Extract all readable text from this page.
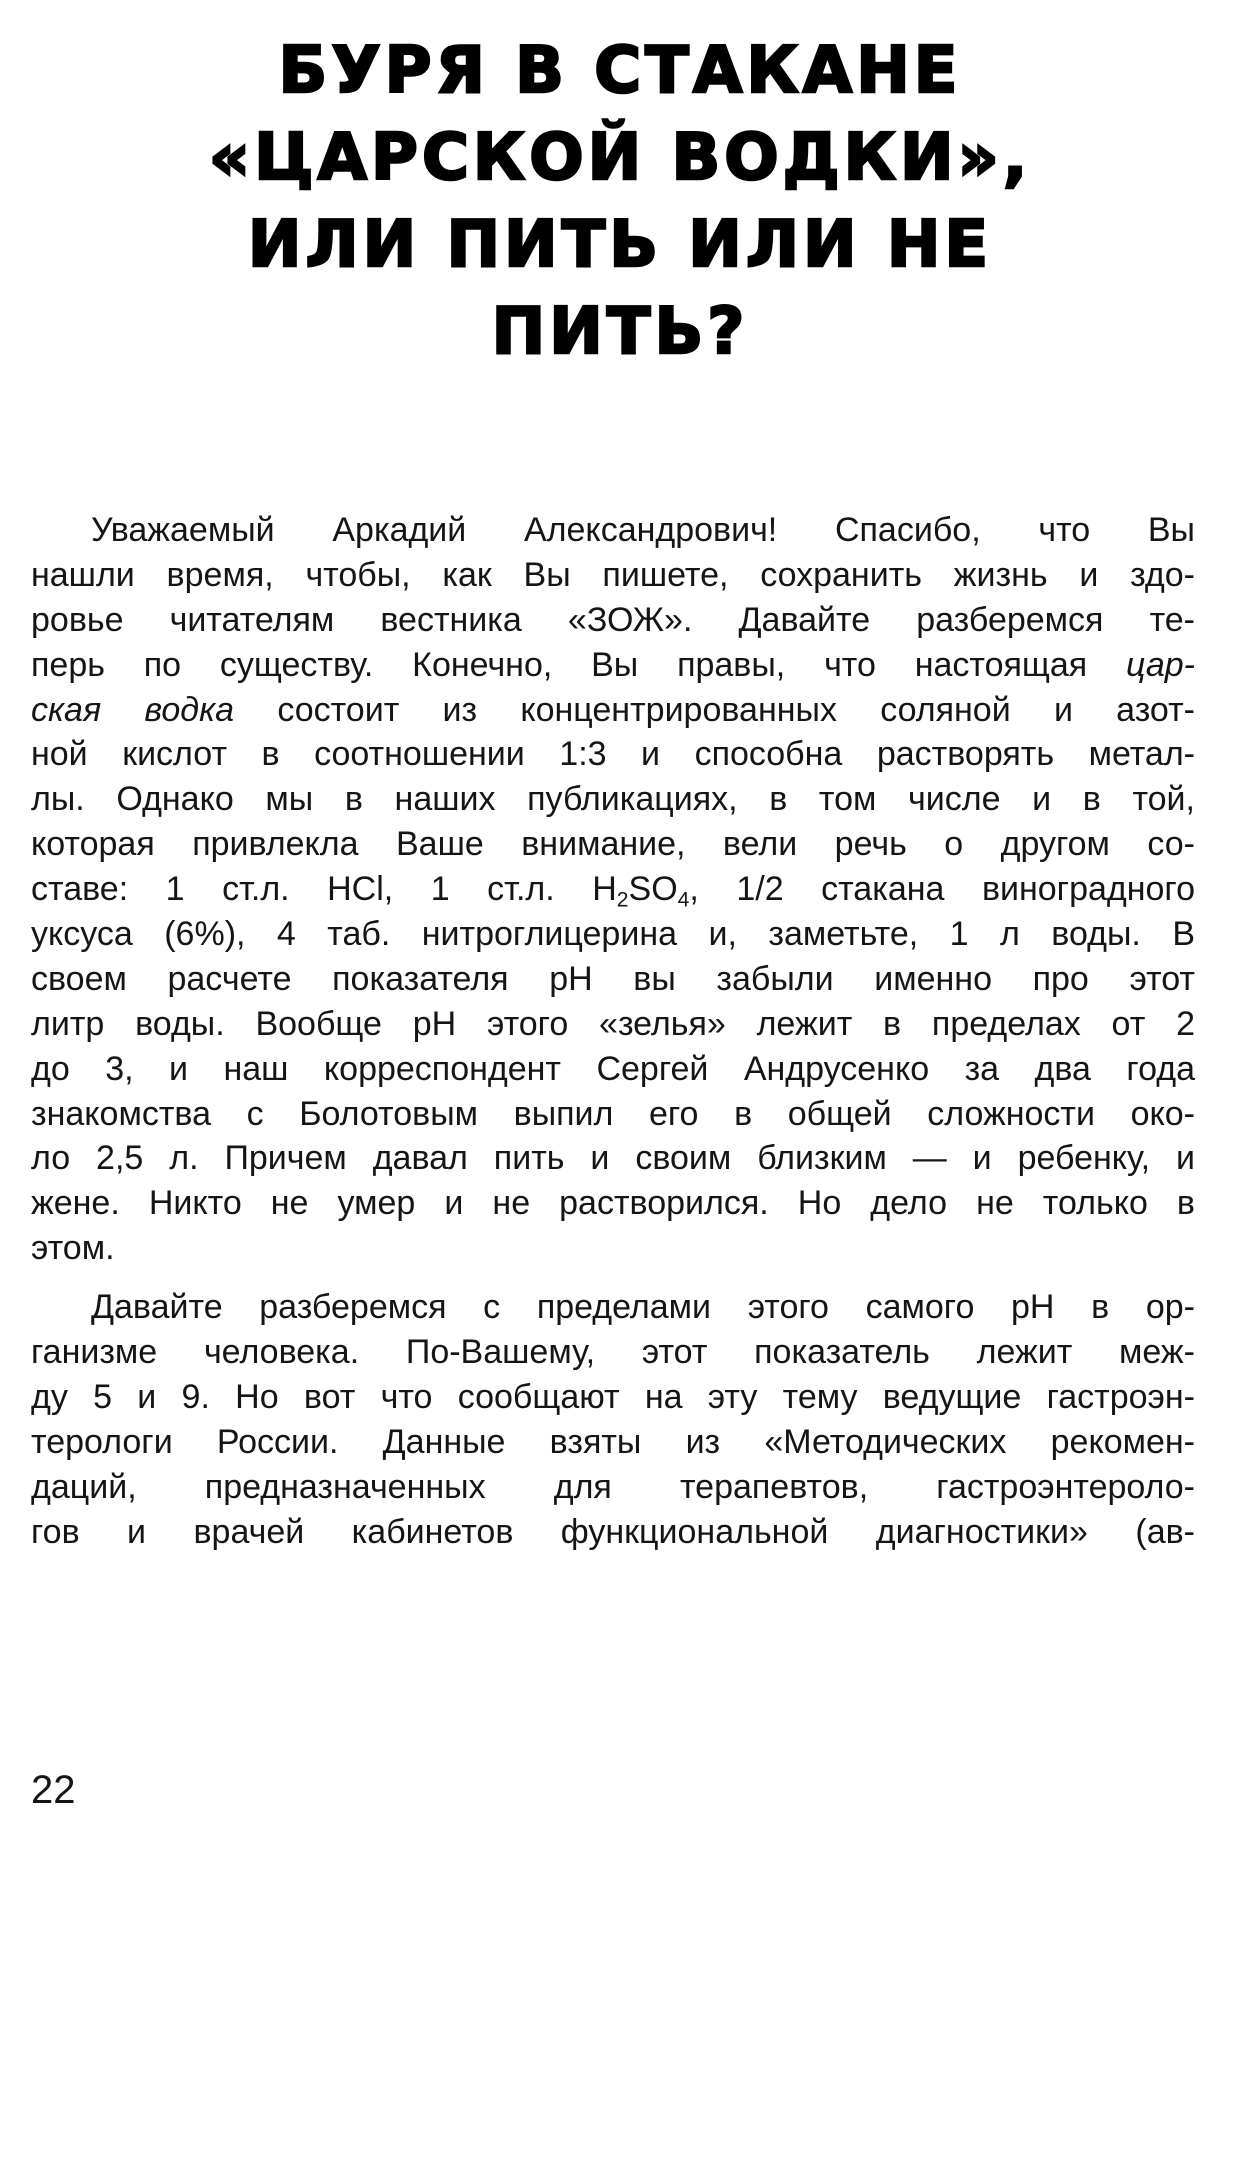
БУРЯ В СТАКАНЕ
«ЦАРСКОЙ ВОДКИ»,
ИЛИ ПИТЬ ИЛИ НЕ
ПИТЬ?
Уважаемый Аркадий Александрович! Спасибо, что Вы
нашли время, чтобы, как Вы пишете, сохранить жизнь и здо-
ровье читателям вестника «ЗОЖ». Давайте разберемся те-
перь по существу. Конечно, Вы правы, что настоящая цар-
ская водка состоит из концентрированных соляной и азот-
ной кислот в соотношении 1:3 и способна растворять метал-
лы. Однако мы в наших публикациях, в том числе и в той,
которая привлекла Ваше внимание, вели речь о другом со-
ставе: 1 ст.л. HCl, 1 ст.л. $H_2SO_4$, 1/2 стакана виноградного
уксуса (6%), 4 таб. нитроглицерина и, заметьте, 1 л воды. В
своем расчете показателя pH вы забыли именно про этот
литр воды. Вообще pH этого «зелья» лежит в пределах от 2
до 3, и наш корреспондент Сергей Андрусенко за два года
знакомства с Болотовым выпил его в общей сложности око-
ло 2,5 л. Причем давал пить и своим близким — и ребенку, и
жене. Никто не умер и не растворился. Но дело не только в
этом.
Давайте разберемся с пределами этого самого pH в ор-
ганизме человека. По-Вашему, этот показатель лежит меж-
ду 5 и 9. Но вот что сообщают на эту тему ведущие гастроэн-
терологи России. Данные взяты из «Методических рекомен-
даций, предназначенных для терапевтов, гастроэнтероло-
гов и врачей кабинетов функциональной диагностики» (ав-
22
